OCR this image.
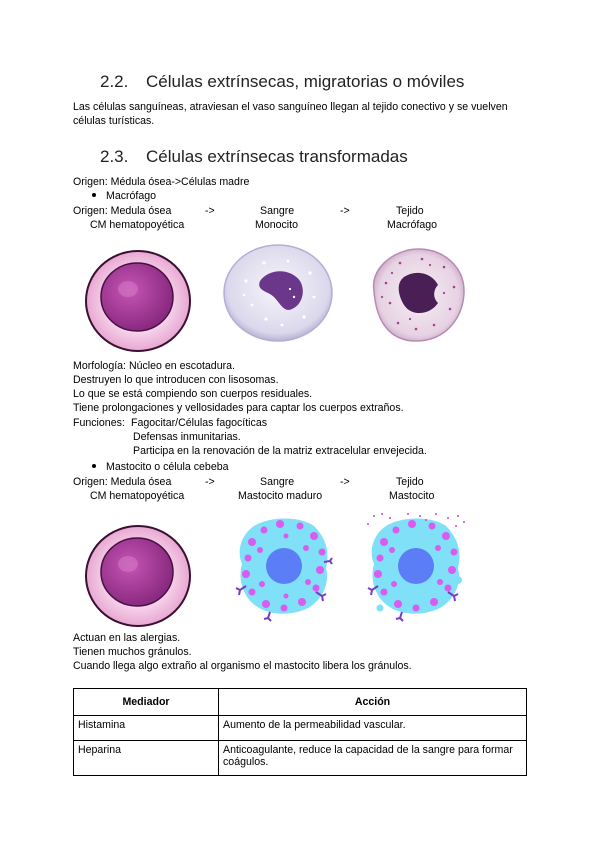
2.2. Células extrínsecas, migratorias o móviles
Las células sanguíneas, atraviesan el vaso sanguíneo llegan al tejido conectivo y se vuelven
células turísticas.
2.3. Células extrínsecas transformadas
Origen: Médula ósea->Células madre
Macrófago
Origen: Medula ósea	->	Sangre	->	Tejido
CM hematopoyética	Monocito	Macrófago
Morfología: Núcleo en escotadura.
Destruyen lo que introducen con lisosomas.
Lo que se está compiendo son cuerpos residuales.
Tiene prolongaciones y vellosidades para captar los cuerpos extraños.
Funciones: Fagocitar/Células fagocíticas
Defensas inmunitarias.
Participa en la renovación de la matriz extracelular envejecida.
Mastocito o célula cebeba
Origen: Medula ósea	->	Sangre	->	Tejido
CM hematopoyética	Mastocito maduro	Mastocito
Actuan en las alergias.
Tienen muchos gránulos.
Cuando llega algo extraño al organismo el mastocito libera los gránulos.
Mediador	Acción
Histamina	Aumento de la permeabilidad vascular.
Heparina	Anticoagulante, reduce la capacidad de la sangre para formar coágulos.
